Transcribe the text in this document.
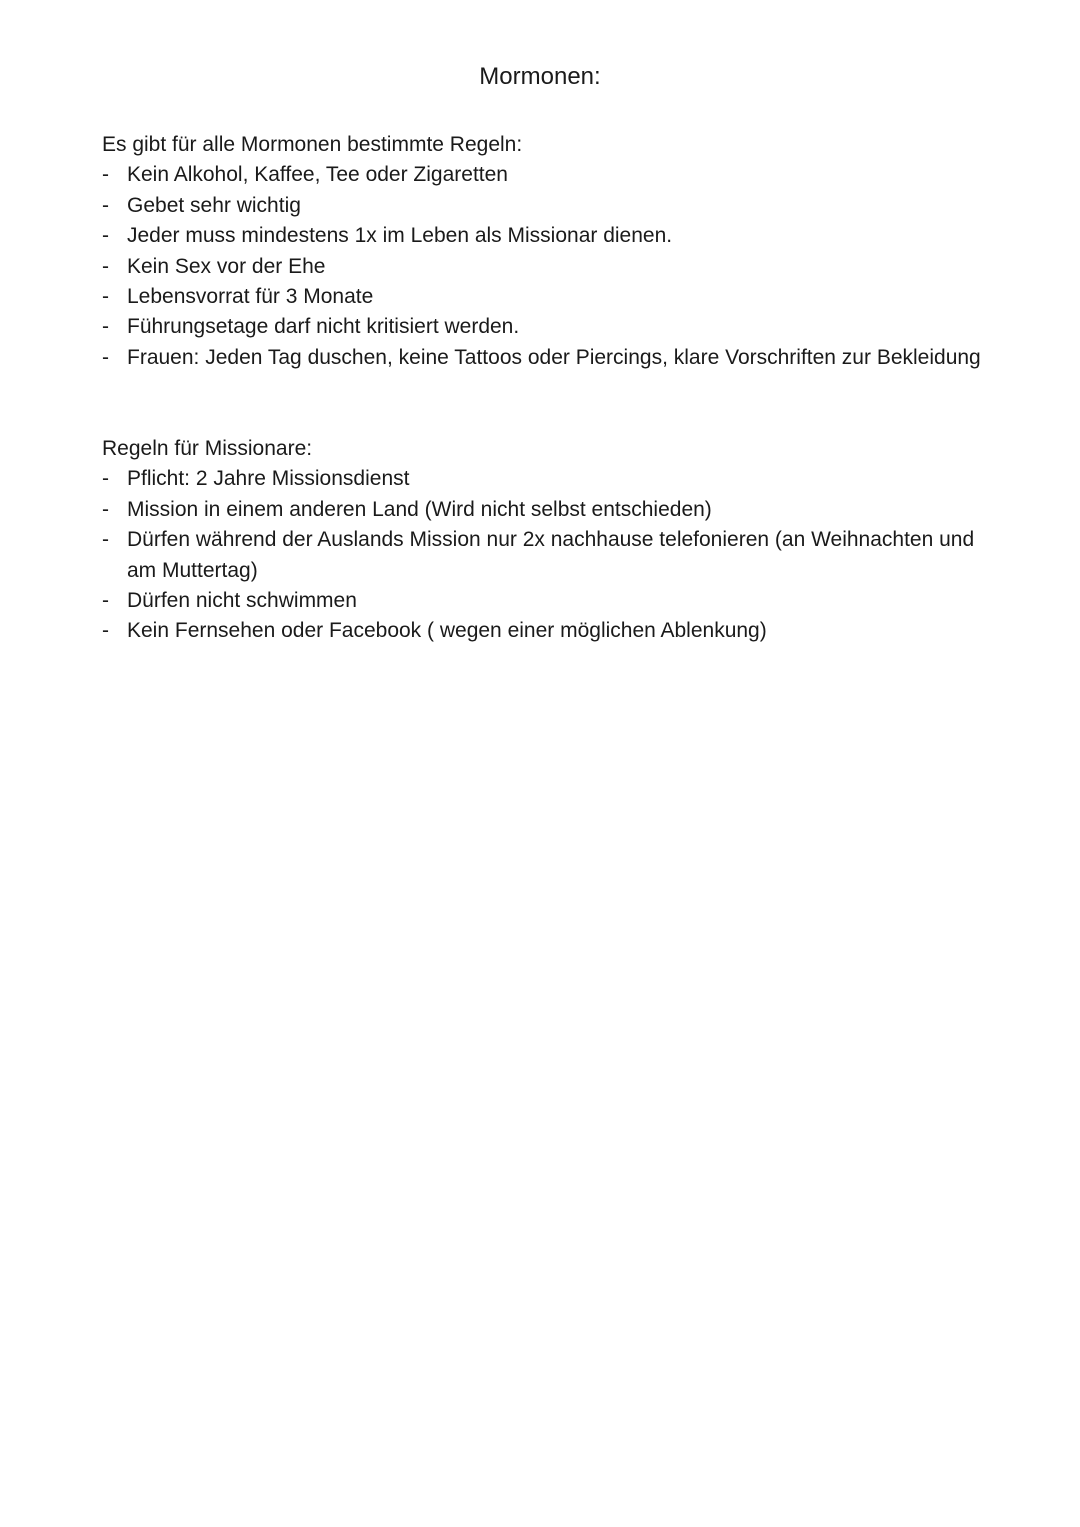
Mormonen:

Es gibt für alle Mormonen bestimmte Regeln:

- Kein Alkohol, Kaffee, Tee oder Zigaretten
- Gebet sehr wichtig
- Jeder muss mindestens 1x im Leben als Missionar dienen.
- Kein Sex vor der Ehe
- Lebensvorrat für 3 Monate
- Führungsetage darf nicht kritisiert werden.
- Frauen: Jeden Tag duschen, keine Tattoos oder Piercings, klare Vorschriften zur Bekleidung

Regeln für Missionare:

- Pflicht: 2 Jahre Missionsdienst
- Mission in einem anderen Land (Wird nicht selbst entschieden)
- Dürfen während der Auslands Mission nur 2x nachhause telefonieren (an Weihnachten und am Muttertag)
- Dürfen nicht schwimmen
- Kein Fernsehen oder Facebook ( wegen einer möglichen Ablenkung)
